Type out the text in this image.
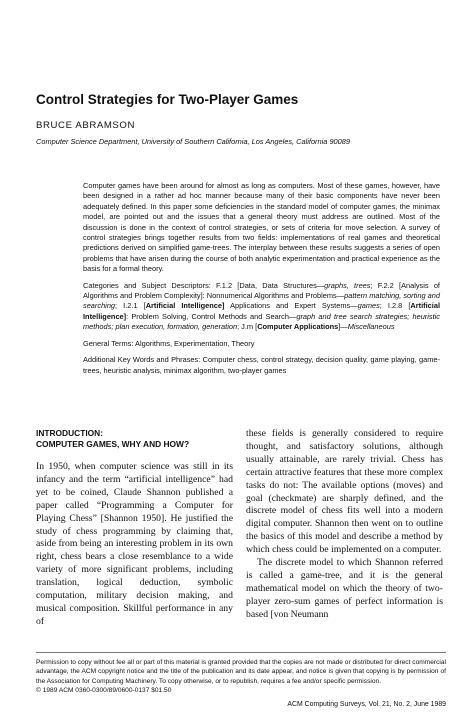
Control Strategies for Two-Player Games
BRUCE ABRAMSON
Computer Science Department, University of Southern California, Los Angeles, California 90089

Computer games have been around for almost as long as computers. Most of these games, however, have been designed in a rather ad hoc manner because many of their basic components have never been adequately defined. In this paper some deficiencies in the standard model of computer games, the minimax model, are pointed out and the issues that a general theory must address are outlined. Most of the discussion is done in the context of control strategies, or sets of criteria for move selection. A survey of control strategies brings together results from two fields: implementations of real games and theoretical predictions derived on simplified game-trees. The interplay between these results suggests a series of open problems that have arisen during the course of both analytic experimentation and practical experience as the basis for a formal theory.

Categories and Subject Descriptors: F.1.2 [Data, Data Structures—graphs, trees; F.2.2 [Analysis of Algorithms and Problem Complexity]: Nonnumerical Algorithms and Problems—pattern matching, sorting and searching; I.2.1 [Artificial Intelligence] Applications and Expert Systems—games; I.2.8 [Artificial Intelligence]: Problem Solving, Control Methods and Search—graph and tree search strategies; heuristic methods; plan execution, formation, generation; J.m [Computer Applications]—Miscellaneous

General Terms: Algorithms, Experimentation, Theory

Additional Key Words and Phrases: Computer chess, control strategy, decision quality, game playing, game-trees, heuristic analysis, minimax algorithm, two-player games

INTRODUCTION:
COMPUTER GAMES, WHY AND HOW?

In 1950, when computer science was still in its infancy and the term “artificial intelligence” had yet to be coined, Claude Shannon published a paper called “Programming a Computer for Playing Chess” [Shannon 1950]. He justified the study of chess programming by claiming that, aside from being an interesting problem in its own right, chess bears a close resemblance to a wide variety of more significant problems, including translation, logical deduction, symbolic computation, military decision making, and musical composition. Skillful performance in any of

these fields is generally considered to require thought, and satisfactory solutions, although usually attainable, are rarely trivial. Chess has certain attractive features that these more complex tasks do not: The available options (moves) and goal (checkmate) are sharply defined, and the discrete model of chess fits well into a modern digital computer. Shannon then went on to outline the basics of this model and describe a method by which chess could be implemented on a computer.

The discrete model to which Shannon referred is called a game-tree, and it is the general mathematical model on which the theory of two-player zero-sum games of perfect information is based [von Neumann

Permission to copy without fee all or part of this material is granted provided that the copies are not made or distributed for direct commercial advantage, the ACM copyright notice and the title of the publication and its date appear, and notice is given that copying is by permission of the Association for Computing Machinery. To copy otherwise, or to republish, requires a fee and/or specific permission.
© 1989 ACM 0360-0300/89/0600-0137 $01.50
ACM Computing Surveys, Vol. 21, No. 2, June 1989
